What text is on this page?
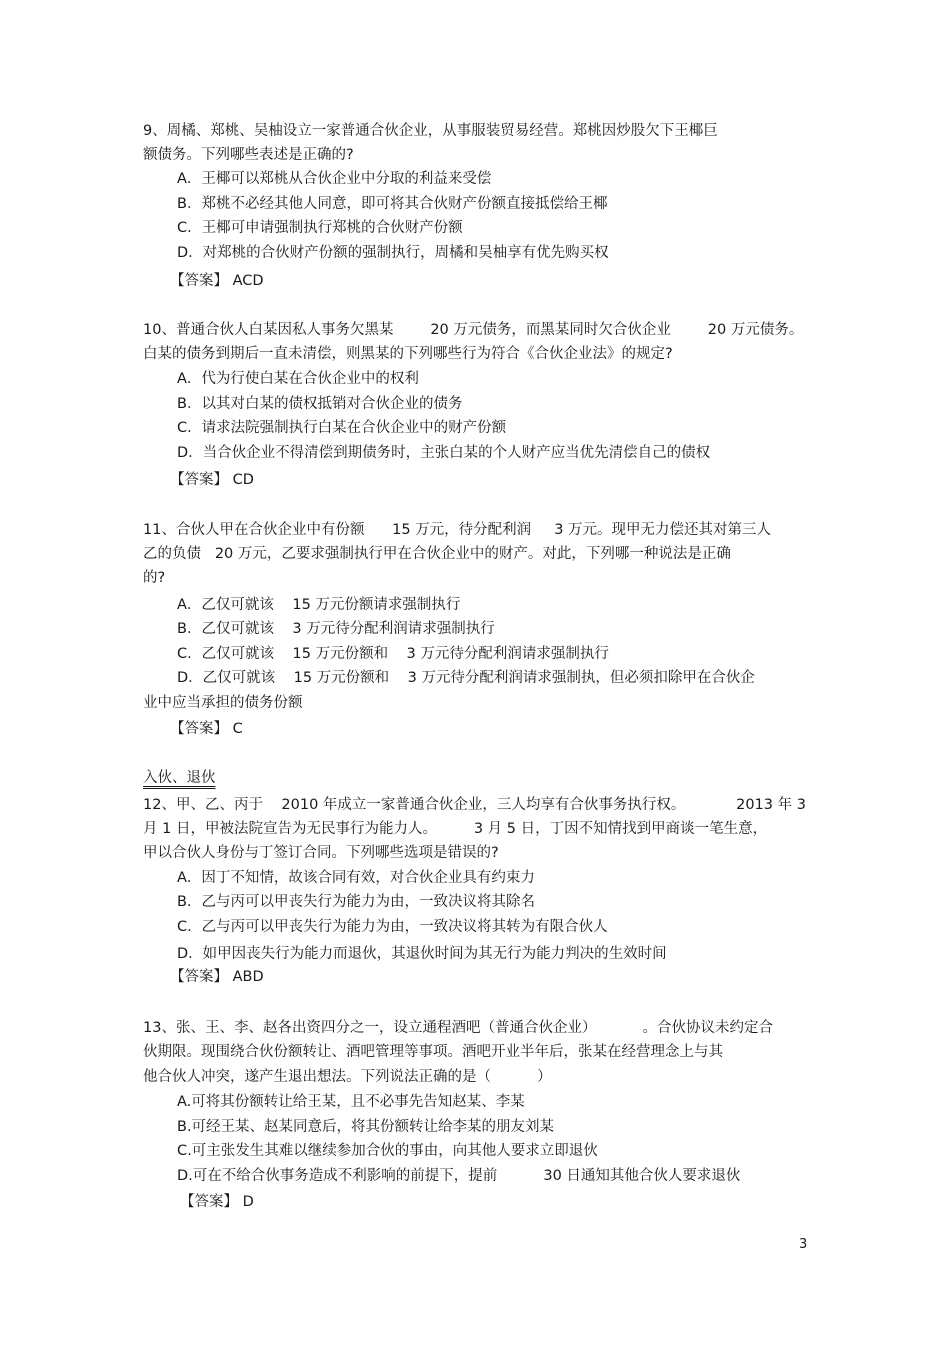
9、周橘、郑桃、吴柚设立一家普通合伙企业，从事服装贸易经营。郑桃因炒股欠下王椰巨
额债务。下列哪些表述是正确的?
A．王椰可以郑桃从合伙企业中分取的利益来受偿
B．郑桃不必经其他人同意，即可将其合伙财产份额直接抵偿给王椰
C．王椰可申请强制执行郑桃的合伙财产份额
D．对郑桃的合伙财产份额的强制执行，周橘和吴柚享有优先购买权
【答案】 ACD
10、普通合伙人白某因私人事务欠黑某        20 万元债务，而黑某同时欠合伙企业        20 万元债务。
白某的债务到期后一直未清偿，则黑某的下列哪些行为符合《合伙企业法》的规定?
A．代为行使白某在合伙企业中的权利
B．以其对白某的债权抵销对合伙企业的债务
C．请求法院强制执行白某在合伙企业中的财产份额
D．当合伙企业不得清偿到期债务时，主张白某的个人财产应当优先清偿自己的债权
【答案】 CD
11、合伙人甲在合伙企业中有份额      15 万元，待分配利润     3 万元。现甲无力偿还其对第三人
乙的负债   20 万元，乙要求强制执行甲在合伙企业中的财产。对此，下列哪一种说法是正确
的?
A．乙仅可就该    15 万元份额请求强制执行
B．乙仅可就该    3 万元待分配利润请求强制执行
C．乙仅可就该    15 万元份额和    3 万元待分配利润请求强制执行
D．乙仅可就该    15 万元份额和    3 万元待分配利润请求强制执，但必须扣除甲在合伙企
业中应当承担的债务份额
【答案】 C
入伙、退伙
12、甲、乙、丙于    2010 年成立一家普通合伙企业，三人均享有合伙事务执行权。           2013 年 3
月 1 日，甲被法院宣告为无民事行为能力人。        3 月 5 日，丁因不知情找到甲商谈一笔生意，
甲以合伙人身份与丁签订合同。下列哪些选项是错误的?
A．因丁不知情，故该合同有效，对合伙企业具有约束力
B．乙与丙可以甲丧失行为能力为由，一致决议将其除名
C．乙与丙可以甲丧失行为能力为由，一致决议将其转为有限合伙人
D．如甲因丧失行为能力而退伙，其退伙时间为其无行为能力判决的生效时间
【答案】 ABD
13、张、王、李、赵各出资四分之一，设立通程酒吧（普通合伙企业）          。合伙协议未约定合
伙期限。现围绕合伙份额转让、酒吧管理等事项。酒吧开业半年后，张某在经营理念上与其
他合伙人冲突，遂产生退出想法。下列说法正确的是（          ）
A.可将其份额转让给王某，且不必事先告知赵某、李某
B.可经王某、赵某同意后，将其份额转让给李某的朋友刘某
C.可主张发生其难以继续参加合伙的事由，向其他人要求立即退伙
D.可在不给合伙事务造成不利影响的前提下，提前          30 日通知其他合伙人要求退伙
【答案】 D
3
